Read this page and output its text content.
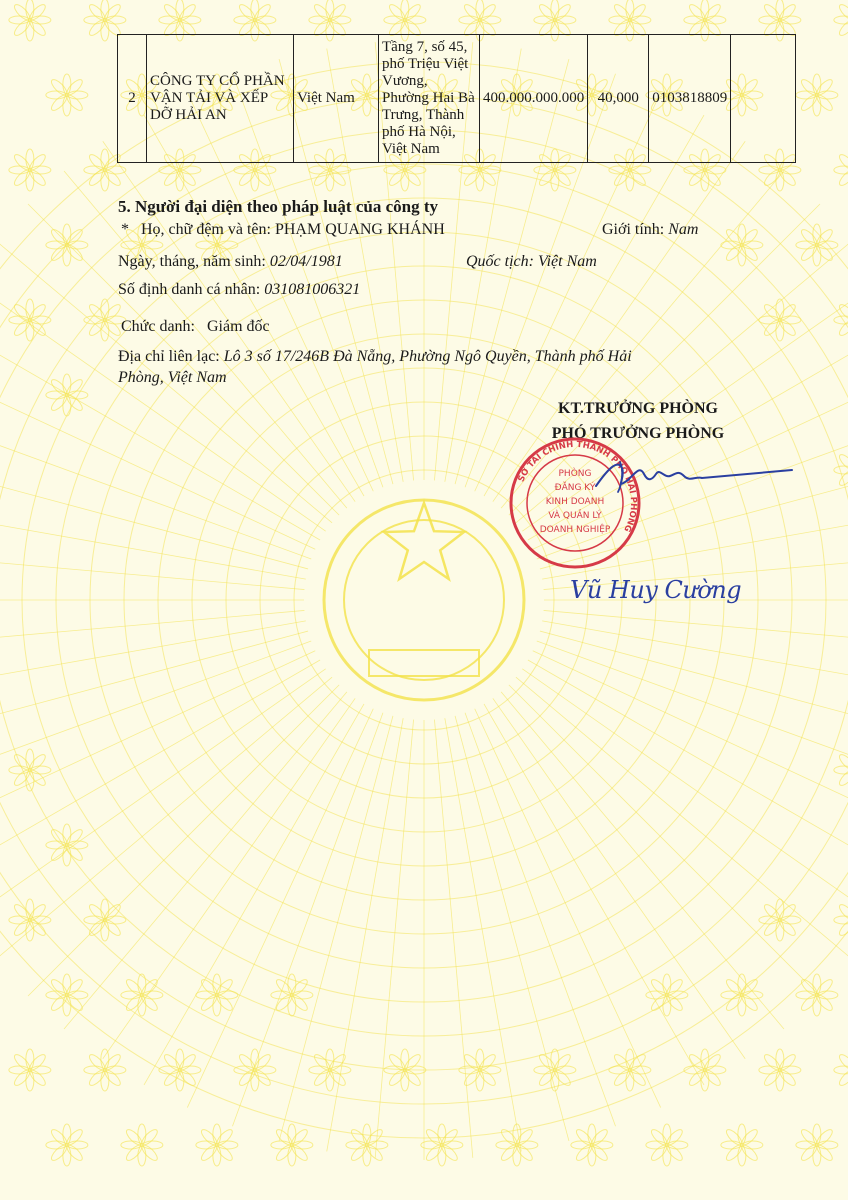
2	CÔNG TY CỔ PHẦN VẬN TẢI VÀ XẾP DỠ HẢI AN	Việt Nam	Tầng 7, số 45, phố Triệu Việt Vương, Phường Hai Bà Trưng, Thành phố Hà Nội, Việt Nam	400.000.000.000	40,000	0103818809	
5. Người đại diện theo pháp luật của công ty
* Họ, chữ đệm và tên: PHẠM QUANG KHÁNH	Giới tính: Nam
Ngày, tháng, năm sinh: 02/04/1981	Quốc tịch: Việt Nam
Số định danh cá nhân: 031081006321
Chức danh: Giám đốc
Địa chỉ liên lạc: Lô 3 số 17/246B Đà Nẵng, Phường Ngô Quyền, Thành phố Hải
Phòng, Việt Nam
KT.TRƯỞNG PHÒNG
PHÓ TRƯỞNG PHÒNG
SỞ TÀI CHÍNH THÀNH PHỐ HẢI PHÒNG
PHÒNG
ĐĂNG KÝ
KINH DOANH
VÀ QUẢN LÝ
DOANH NGHIỆP
Vũ Huy Cường
